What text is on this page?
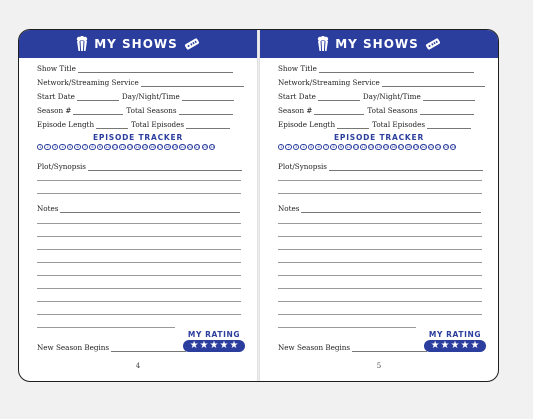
MY SHOWS
Show Title
Network/Streaming Service
Start Date	Day/Night/Time
Season #	Total Seasons
Episode Length	Total Episodes
EPISODE TRACKER
1	2	3	4	5	6	7	8	9	10 11 12 13 14 15 16 17 18 19 20 21 22 23 24
Plot/Synopsis
Notes
MY RATING
★ ★ ★ ★ ★
New Season Begins
4
MY SHOWS
Show Title
Network/Streaming Service
Start Date	Day/Night/Time
Season #	Total Seasons
Episode Length	Total Episodes
EPISODE TRACKER
1	2	3	4	5	6	7	8	9	10 11 12 13 14 15 16 17 18 19 20 21 22 23 24
Plot/Synopsis
Notes
MY RATING
★ ★ ★ ★ ★
New Season Begins
5
